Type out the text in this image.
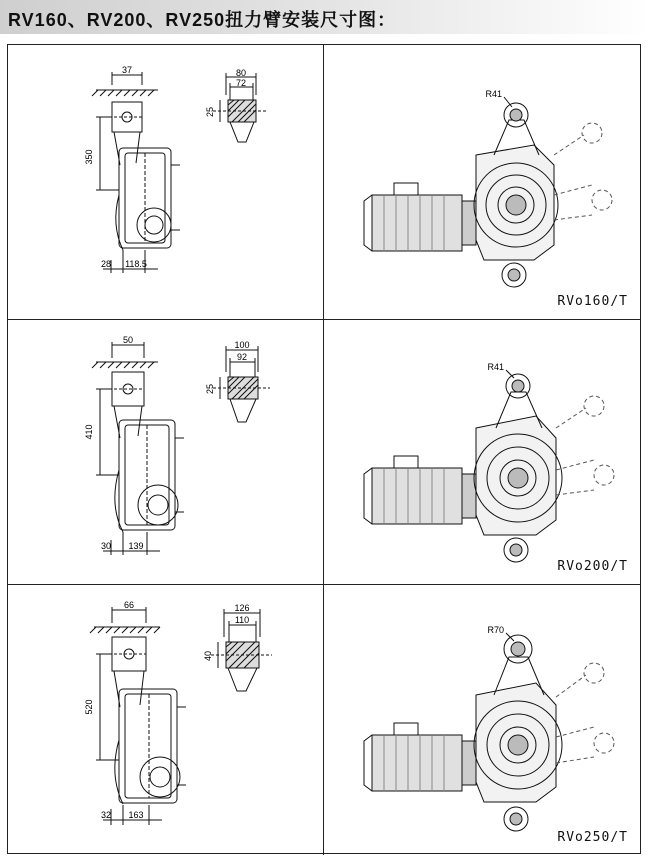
RV160、RV200、RV250扭力臂安装尺寸图：
37
350
28 118.5
80
72
25
R41
RVo160/T
50
410
30 139
100
92
25
R41
RVo200/T
66
520
32 163
126
110
40
R70
RVo250/T
